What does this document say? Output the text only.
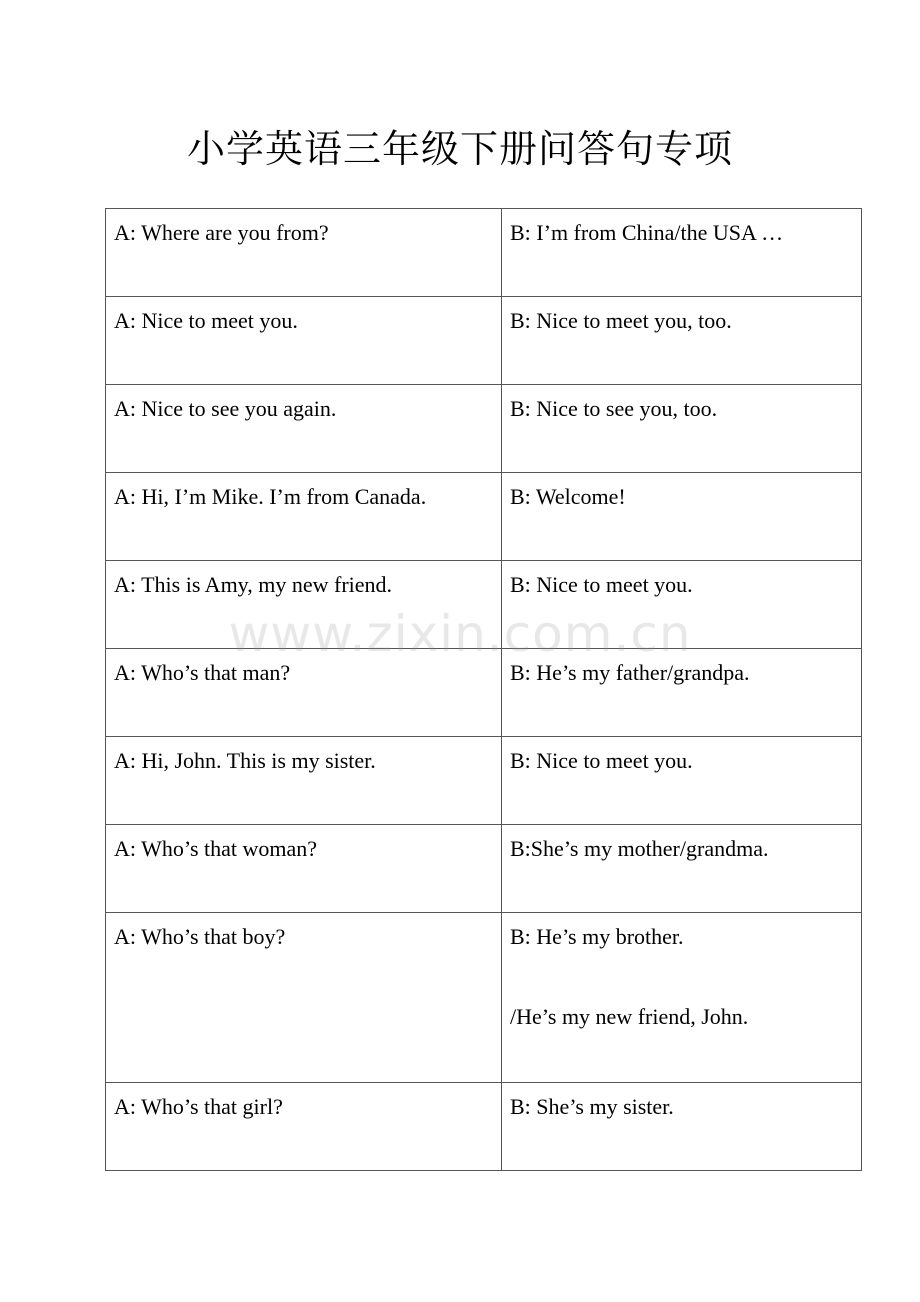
小学英语三年级下册问答句专项
A: Where are you from?	B: I’m from China/the USA …

A: Nice to meet you.	B: Nice to meet you, too.

A: Nice to see you again.	B: Nice to see you, too.

A: Hi, I’m Mike. I’m from Canada.	B: Welcome!

A: This is Amy, my new friend.	B: Nice to meet you.

A: Who’s that man?	B: He’s my father/grandpa.

A: Hi, John. This is my sister.	B: Nice to meet you.

A: Who’s that woman?	B:She’s my mother/grandma.

A: Who’s that boy?	B: He’s my brother.
/He’s my new friend, John.

A: Who’s that girl?	B: She’s my sister.
www.zixin.com.cn
